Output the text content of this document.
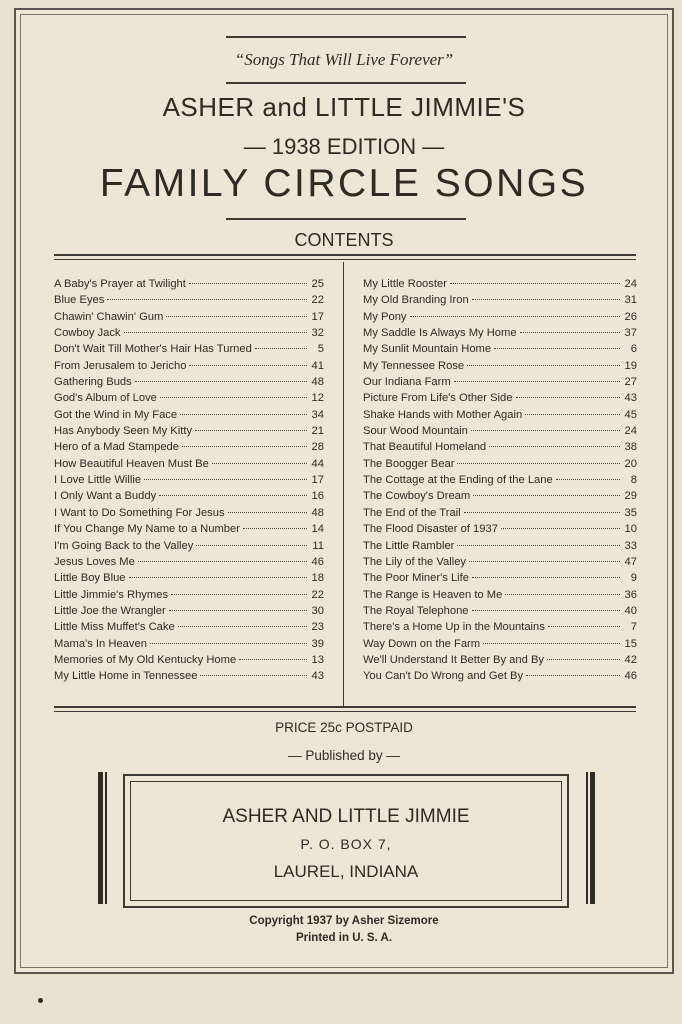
“Songs That Will Live Forever”
ASHER and LITTLE JIMMIE'S
— 1938 EDITION —
FAMILY CIRCLE SONGS
CONTENTS
A Baby's Prayer at Twilight	25
Blue Eyes	22
Chawin' Chawin' Gum	17
Cowboy Jack	32
Don't Wait Till Mother's Hair Has Turned	5
From Jerusalem to Jericho	41
Gathering Buds	48
God's Album of Love	12
Got the Wind in My Face	34
Has Anybody Seen My Kitty	21
Hero of a Mad Stampede	28
How Beautiful Heaven Must Be	44
I Love Little Willie	17
I Only Want a Buddy	16
I Want to Do Something For Jesus	48
If You Change My Name to a Number	14
I'm Going Back to the Valley	11
Jesus Loves Me	46
Little Boy Blue	18
Little Jimmie's Rhymes	22
Little Joe the Wrangler	30
Little Miss Muffet's Cake	23
Mama's In Heaven	39
Memories of My Old Kentucky Home	13
My Little Home in Tennessee	43
My Little Rooster	24
My Old Branding Iron	31
My Pony	26
My Saddle Is Always My Home	37
My Sunlit Mountain Home	6
My Tennessee Rose	19
Our Indiana Farm	27
Picture From Life's Other Side	43
Shake Hands with Mother Again	45
Sour Wood Mountain	24
That Beautiful Homeland	38
The Boogger Bear	20
The Cottage at the Ending of the Lane	8
The Cowboy's Dream	29
The End of the Trail	35
The Flood Disaster of 1937	10
The Little Rambler	33
The Lily of the Valley	47
The Poor Miner's Life	9
The Range is Heaven to Me	36
The Royal Telephone	40
There's a Home Up in the Mountains	7
Way Down on the Farm	15
We'll Understand It Better By and By	42
You Can't Do Wrong and Get By	46
PRICE 25c POSTPAID
— Published by —
ASHER AND LITTLE JIMMIE
P. O. BOX 7,
LAUREL, INDIANA
Copyright 1937 by Asher Sizemore
Printed in U. S. A.
